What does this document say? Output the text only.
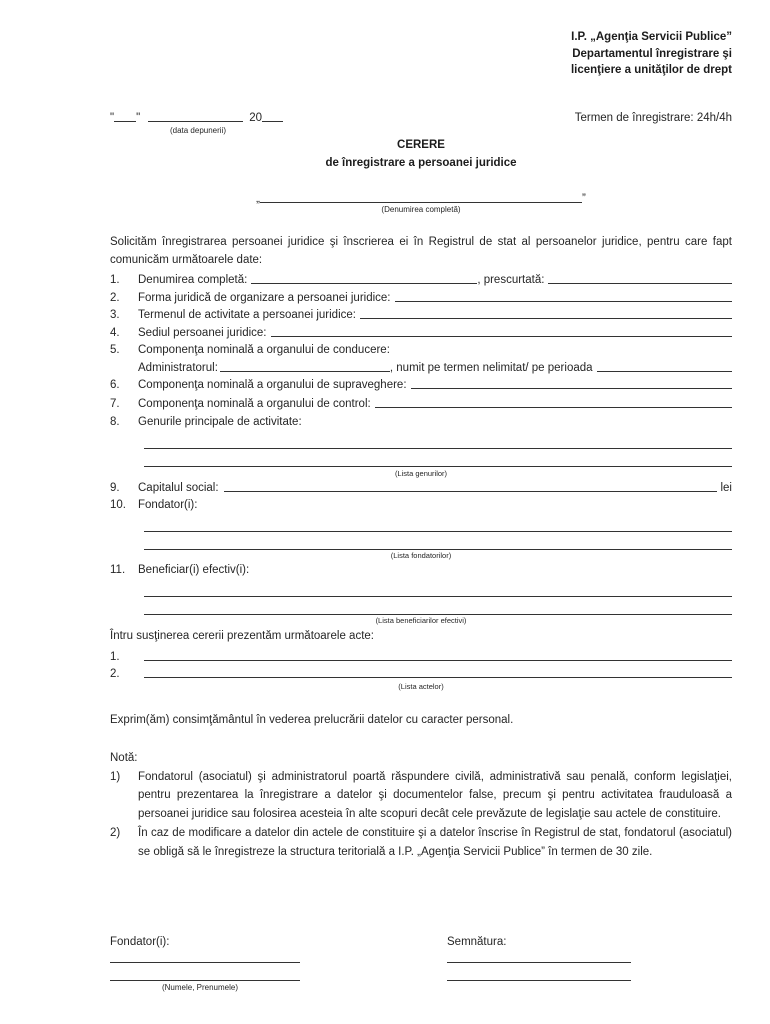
I.P. „Agenţia Servicii Publice”
Departamentul înregistrare şi
licenţiere a unităţilor de drept
" "	20	Termen de înregistrare: 24h/4h
(data depunerii)
CERERE
de înregistrare a persoanei juridice
„	”
(Denumirea completă)

Solicităm înregistrarea persoanei juridice şi înscrierea ei în Registrul de stat al persoanelor juridice, pentru care fapt comunicăm următoarele date:

1.	Denumirea completă:	, prescurtată:
2.	Forma juridică de organizare a persoanei juridice:
3.	Termenul de activitate a persoanei juridice:
4.	Sediul persoanei juridice:
5.	Componenţa nominală a organului de conducere:
Administratorul:	, numit pe termen nelimitat/ pe perioada
6.	Componenţa nominală a organului de supraveghere:
7.	Componenţa nominală a organului de control:
8.	Genurile principale de activitate:
(Lista genurilor)
9.	Capitalul social:	lei
10.	Fondator(i):
(Lista fondatorilor)
11.	Beneficiar(i) efectiv(i):
(Lista beneficiarilor efectivi)
Întru susţinerea cererii prezentăm următoarele acte:
1.
2.
(Lista actelor)
Exprim(ăm) consimţământul în vederea prelucrării datelor cu caracter personal.
Notă:
1)	Fondatorul (asociatul) şi administratorul poartă răspundere civilă, administrativă sau penală, conform legislaţiei, pentru prezentarea la înregistrare a datelor şi documentelor false, precum şi pentru activitatea frauduloasă a persoanei juridice sau folosirea acesteia în alte scopuri decât cele prevăzute de legislaţie sau actele de constituire.
2)	În caz de modificare a datelor din actele de constituire şi a datelor înscrise în Registrul de stat, fondatorul (asociatul) se obligă să le înregistreze la structura teritorială a I.P. „Agenţia Servicii Publice” în termen de 30 zile.
Fondator(i):	Semnătura:
(Numele, Prenumele)
